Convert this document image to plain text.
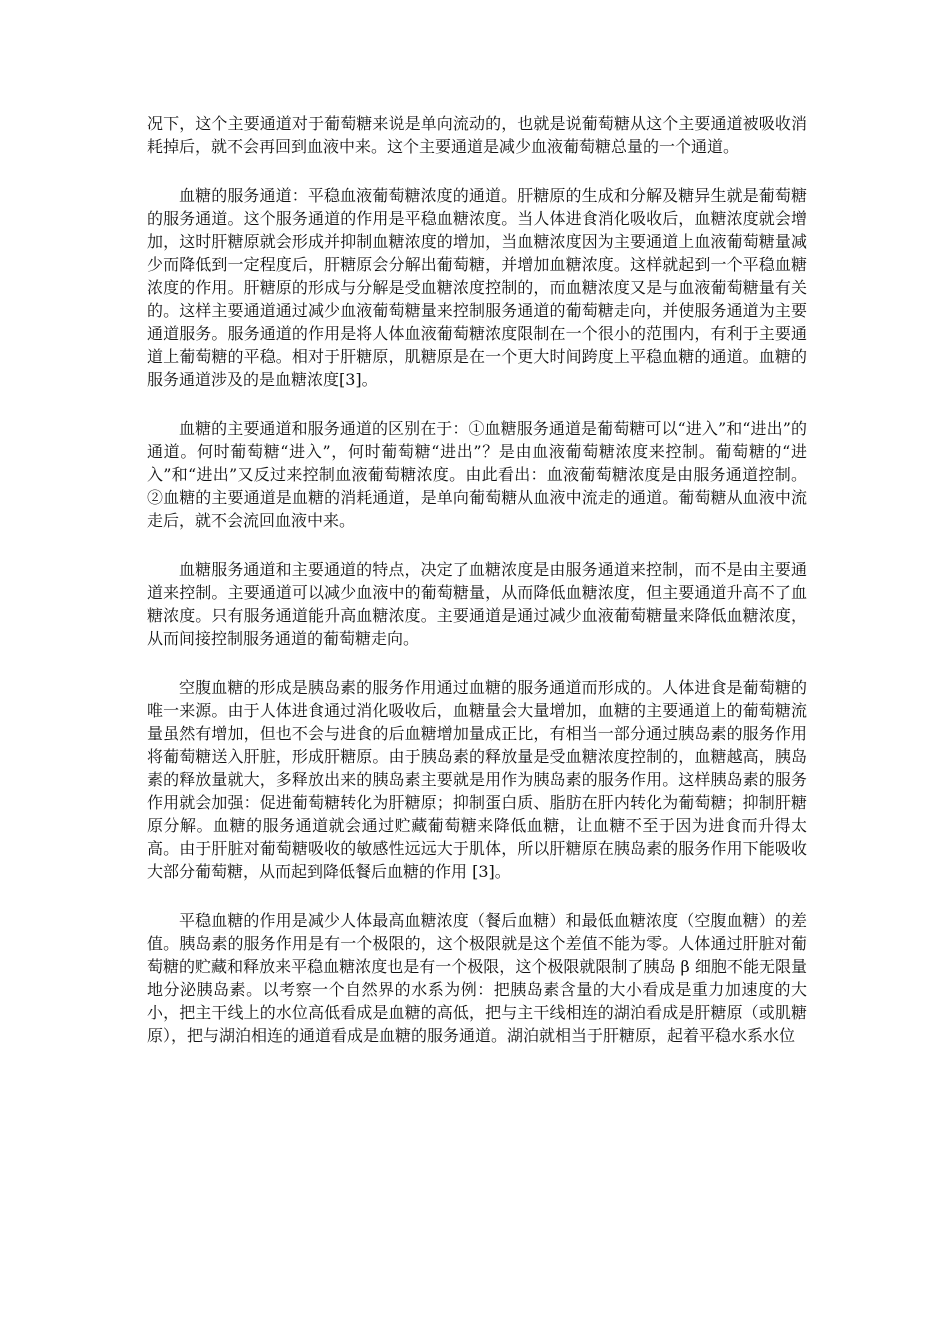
况下，这个主要通道对于葡萄糖来说是单向流动的，也就是说葡萄糖从这个主要通道被吸收消耗掉后，就不会再回到血液中来。这个主要通道是减少血液葡萄糖总量的一个通道。

血糖的服务通道：平稳血液葡萄糖浓度的通道。肝糖原的生成和分解及糖异生就是葡萄糖的服务通道。这个服务通道的作用是平稳血糖浓度。当人体进食消化吸收后，血糖浓度就会增加，这时肝糖原就会形成并抑制血糖浓度的增加，当血糖浓度因为主要通道上血液葡萄糖量减少而降低到一定程度后，肝糖原会分解出葡萄糖，并增加血糖浓度。这样就起到一个平稳血糖浓度的作用。肝糖原的形成与分解是受血糖浓度控制的，而血糖浓度又是与血液葡萄糖量有关的。这样主要通道通过减少血液葡萄糖量来控制服务通道的葡萄糖走向，并使服务通道为主要通道服务。服务通道的作用是将人体血液葡萄糖浓度限制在一个很小的范围内，有利于主要通道上葡萄糖的平稳。相对于肝糖原，肌糖原是在一个更大时间跨度上平稳血糖的通道。血糖的服务通道涉及的是血糖浓度[3]。

血糖的主要通道和服务通道的区别在于：①血糖服务通道是葡萄糖可以“进入”和“进出”的通道。何时葡萄糖“进入”，何时葡萄糖“进出”？是由血液葡萄糖浓度来控制。葡萄糖的“进入”和“进出”又反过来控制血液葡萄糖浓度。由此看出：血液葡萄糖浓度是由服务通道控制。②血糖的主要通道是血糖的消耗通道，是单向葡萄糖从血液中流走的通道。葡萄糖从血液中流走后，就不会流回血液中来。

血糖服务通道和主要通道的特点，决定了血糖浓度是由服务通道来控制，而不是由主要通道来控制。主要通道可以减少血液中的葡萄糖量，从而降低血糖浓度，但主要通道升高不了血糖浓度。只有服务通道能升高血糖浓度。主要通道是通过减少血液葡萄糖量来降低血糖浓度，从而间接控制服务通道的葡萄糖走向。

空腹血糖的形成是胰岛素的服务作用通过血糖的服务通道而形成的。人体进食是葡萄糖的唯一来源。由于人体进食通过消化吸收后，血糖量会大量增加，血糖的主要通道上的葡萄糖流量虽然有增加，但也不会与进食的后血糖增加量成正比，有相当一部分通过胰岛素的服务作用将葡萄糖送入肝脏，形成肝糖原。由于胰岛素的释放量是受血糖浓度控制的，血糖越高，胰岛素的释放量就大，多释放出来的胰岛素主要就是用作为胰岛素的服务作用。这样胰岛素的服务作用就会加强：促进葡萄糖转化为肝糖原；抑制蛋白质、脂肪在肝内转化为葡萄糖；抑制肝糖原分解。血糖的服务通道就会通过贮藏葡萄糖来降低血糖，让血糖不至于因为进食而升得太高。由于肝脏对葡萄糖吸收的敏感性远远大于肌体，所以肝糖原在胰岛素的服务作用下能吸收大部分葡萄糖，从而起到降低餐后血糖的作用 [3]。

平稳血糖的作用是减少人体最高血糖浓度（餐后血糖）和最低血糖浓度（空腹血糖）的差值。胰岛素的服务作用是有一个极限的，这个极限就是这个差值不能为零。人体通过肝脏对葡萄糖的贮藏和释放来平稳血糖浓度也是有一个极限，这个极限就限制了胰岛 β 细胞不能无限量地分泌胰岛素。以考察一个自然界的水系为例：把胰岛素含量的大小看成是重力加速度的大小，把主干线上的水位高低看成是血糖的高低，把与主干线相连的湖泊看成是肝糖原（或肌糖原），把与湖泊相连的通道看成是血糖的服务通道。湖泊就相当于肝糖原，起着平稳水系水位
